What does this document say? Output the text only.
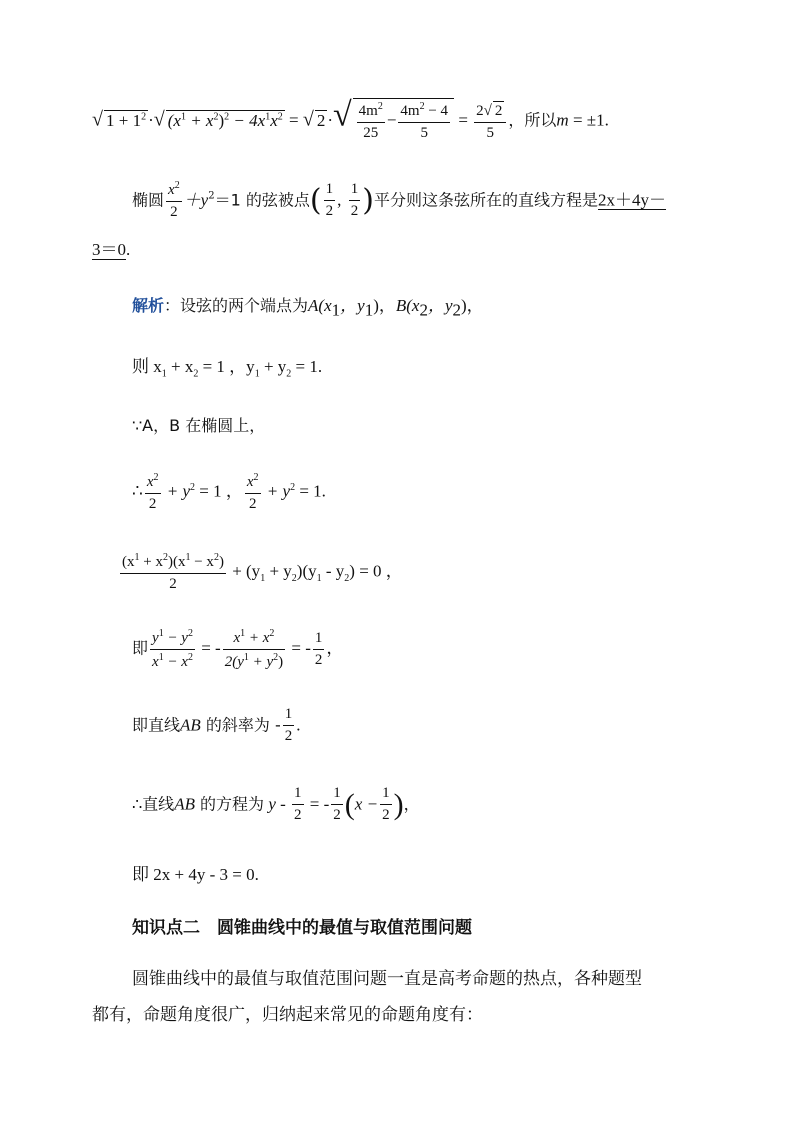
√ $1 + 1^2$ ·√ $(x^1 + x^2)^2 - 4x^1x^2$ = √ 2 ·√ $\frac{4m^2}{25} - \frac{4m^2 - 4}{5} = \frac{2√ 2}{5}$ ，所以m = ±1.
椭圆 $\frac{x^2}{2} +y^2=1$ 的弦被点( $\frac{1}{2}$ , $\frac{1}{2}$ )平分则这条弦所在的直线方程是2x＋4y－
3＝0.
解析：设弦的两个端点为$A(x_1$，$y_1$)，$B(x_2$，$y_2$)，
则 $x_1 + x_2 = 1$ ，$y_1 + y_2 = 1$.
∵A，B 在椭圆上，
∴ $\frac{x^2}{2} + y^2 = 1$ ， $\frac{x^2}{2} + y^2 = 1$.
$\frac{(x^1 + x^2)(x^1 - x^2)}{2} + (y_1 + y_2)(y_1 - y_2) = 0$ ，
即 $\frac{y^1 - y^2}{x^1 - x^2}$ = - $\frac{x^1 + x^2}{2(y^1 + y^2)}$ = - $\frac{1}{2}$ ，
即直线AB 的斜率为 - $\frac{1}{2}$ .
∴直线AB 的方程为 y - $\frac{1}{2}$ = - $\frac{1}{2} (x - \frac{1}{2}$ )，
即 2x + 4y - 3 = 0.
知识点二　圆锥曲线中的最值与取值范围问题
圆锥曲线中的最值与取值范围问题一直是高考命题的热点，各种题型
都有，命题角度很广，归纳起来常见的命题角度有：
